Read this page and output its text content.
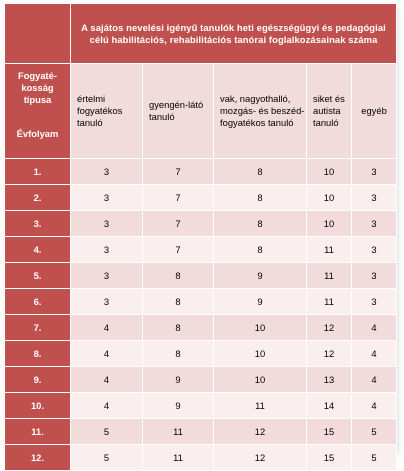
	A sajátos nevelési igényű tanulók heti egészségügyi és pedagógiai célú habilitációs, rehabilitációs tanórai foglalkozásainak száma				

Fogyaté-kosság típusa
Évfolyam	értelmi fogyatékos tanuló	gyengén-látó tanuló	vak, nagyothalló, mozgás- és beszéd-fogyatékos tanuló	siket és autista tanuló	egyéb
1.	3	7	8	10	3
2.	3	7	8	10	3
3.	3	7	8	10	3
4.	3	7	8	11	3
5.	3	8	9	11	3
6.	3	8	9	11	3
7.	4	8	10	12	4
8.	4	8	10	12	4
9.	4	9	10	13	4
10.	4	9	11	14	4
11.	5	11	12	15	5
12.	5	11	12	15	5
